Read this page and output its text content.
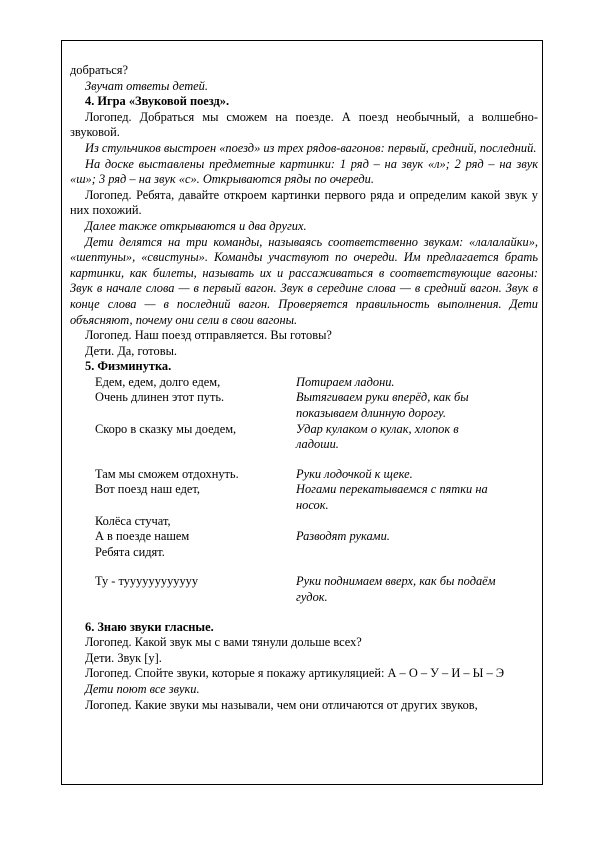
добраться?

Звучат ответы детей.

4. Игра «Звуковой поезд».

Логопед. Добраться мы сможем на поезде. А поезд необычный, а волшебно-звуковой.

Из стульчиков выстроен «поезд» из трех рядов-вагонов: первый, средний, последний.

На доске выставлены предметные картинки: 1 ряд – на звук «л»; 2 ряд – на звук «ш»; 3 ряд – на звук «с». Открываются ряды по очереди.

Логопед. Ребята, давайте откроем картинки первого ряда и определим какой звук у них похожий.

Далее также открываются и два других.

Дети делятся на три команды, называясь соответственно звукам: «лалалайки», «шептуны», «свистуны». Команды участвуют по очереди. Им предлагается брать картинки, как билеты, называть их и рассаживаться в соответствующие вагоны: Звук в начале слова — в первый вагон. Звук в середине слова — в средний вагон. Звук в конце слова — в последний вагон. Проверяется правильность выполнения. Дети объясняют, почему они сели в свои вагоны.

Логопед. Наш поезд отправляется. Вы готовы?

Дети. Да, готовы.

5. Физминутка.

Едем, едем, долго едем,	Потираем ладони.
Очень длинен этот путь.	Вытягиваем руки вперёд, как бы показываем длинную дорогу.
Скоро в сказку мы доедем,	Удар кулаком о кулак, хлопок в ладоши.
Там мы сможем отдохнуть.	Руки лодочкой к щеке.
Вот поезд наш едет,	Ногами перекатываемся с пятки на носок.
Колёса стучат,
А в поезде нашем	Разводят руками.
Ребята сидят.
Ту - туууууууууууу	Руки поднимаем вверх, как бы подаём гудок.

6. Знаю звуки гласные.

Логопед. Какой звук мы с вами тянули дольше всех?

Дети. Звук [у].

Логопед. Спойте звуки, которые я покажу артикуляцией: А – О – У – И – Ы – Э

Дети поют все звуки.

Логопед. Какие звуки мы называли, чем они отличаются от других звуков,
